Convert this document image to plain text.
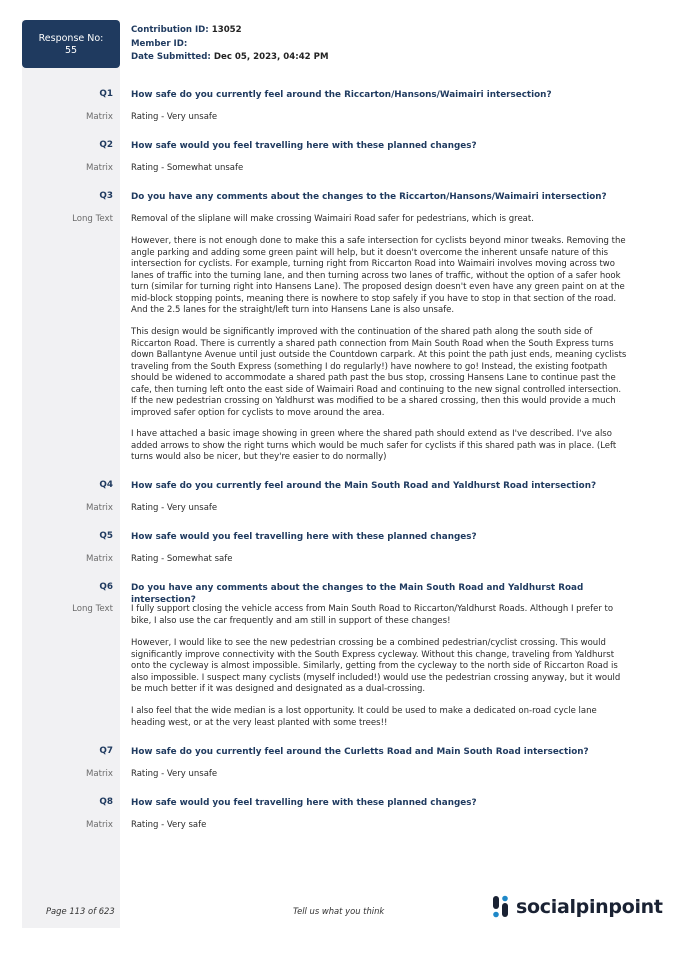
Response No:
55
Contribution ID: 13052
Member ID:
Date Submitted: Dec 05, 2023, 04:42 PM
Q1 How safe do you currently feel around the Riccarton/Hansons/Waimairi intersection?
Matrix Rating - Very unsafe
Q2 How safe would you feel travelling here with these planned changes?
Matrix Rating - Somewhat unsafe
Q3 Do you have any comments about the changes to the Riccarton/Hansons/Waimairi intersection?
Long Text Removal of the sliplane will make crossing Waimairi Road safer for pedestrians, which is great.
However, there is not enough done to make this a safe intersection for cyclists beyond minor tweaks. Removing the angle parking and adding some green paint will help, but it doesn't overcome the inherent unsafe nature of this intersection for cyclists. For example, turning right from Riccarton Road into Waimairi involves moving across two lanes of traffic into the turning lane, and then turning across two lanes of traffic, without the option of a safer hook turn (similar for turning right into Hansens Lane). The proposed design doesn't even have any green paint on at the mid-block stopping points, meaning there is nowhere to stop safely if you have to stop in that section of the road. And the 2.5 lanes for the straight/left turn into Hansens Lane is also unsafe.
This design would be significantly improved with the continuation of the shared path along the south side of Riccarton Road. There is currently a shared path connection from Main South Road when the South Express turns down Ballantyne Avenue until just outside the Countdown carpark. At this point the path just ends, meaning cyclists traveling from the South Express (something I do regularly!) have nowhere to go! Instead, the existing footpath should be widened to accommodate a shared path past the bus stop, crossing Hansens Lane to continue past the cafe, then turning left onto the east side of Waimairi Road and continuing to the new signal controlled intersection. If the new pedestrian crossing on Yaldhurst was modified to be a shared crossing, then this would provide a much improved safer option for cyclists to move around the area.
I have attached a basic image showing in green where the shared path should extend as I've described. I've also added arrows to show the right turns which would be much safer for cyclists if this shared path was in place. (Left turns would also be nicer, but they're easier to do normally)
Q4 How safe do you currently feel around the Main South Road and Yaldhurst Road intersection?
Matrix Rating - Very unsafe
Q5 How safe would you feel travelling here with these planned changes?
Matrix Rating - Somewhat safe
Q6 Do you have any comments about the changes to the Main South Road and Yaldhurst Road intersection?
Long Text I fully support closing the vehicle access from Main South Road to Riccarton/Yaldhurst Roads. Although I prefer to bike, I also use the car frequently and am still in support of these changes!
However, I would like to see the new pedestrian crossing be a combined pedestrian/cyclist crossing. This would significantly improve connectivity with the South Express cycleway. Without this change, traveling from Yaldhurst onto the cycleway is almost impossible. Similarly, getting from the cycleway to the north side of Riccarton Road is also impossible. I suspect many cyclists (myself included!) would use the pedestrian crossing anyway, but it would be much better if it was designed and designated as a dual-crossing.
I also feel that the wide median is a lost opportunity. It could be used to make a dedicated on-road cycle lane heading west, or at the very least planted with some trees!!
Q7 How safe do you currently feel around the Curletts Road and Main South Road intersection?
Matrix Rating - Very unsafe
Q8 How safe would you feel travelling here with these planned changes?
Matrix Rating - Very safe
Page 113 of 623	Tell us what you think	socialpinpoint
